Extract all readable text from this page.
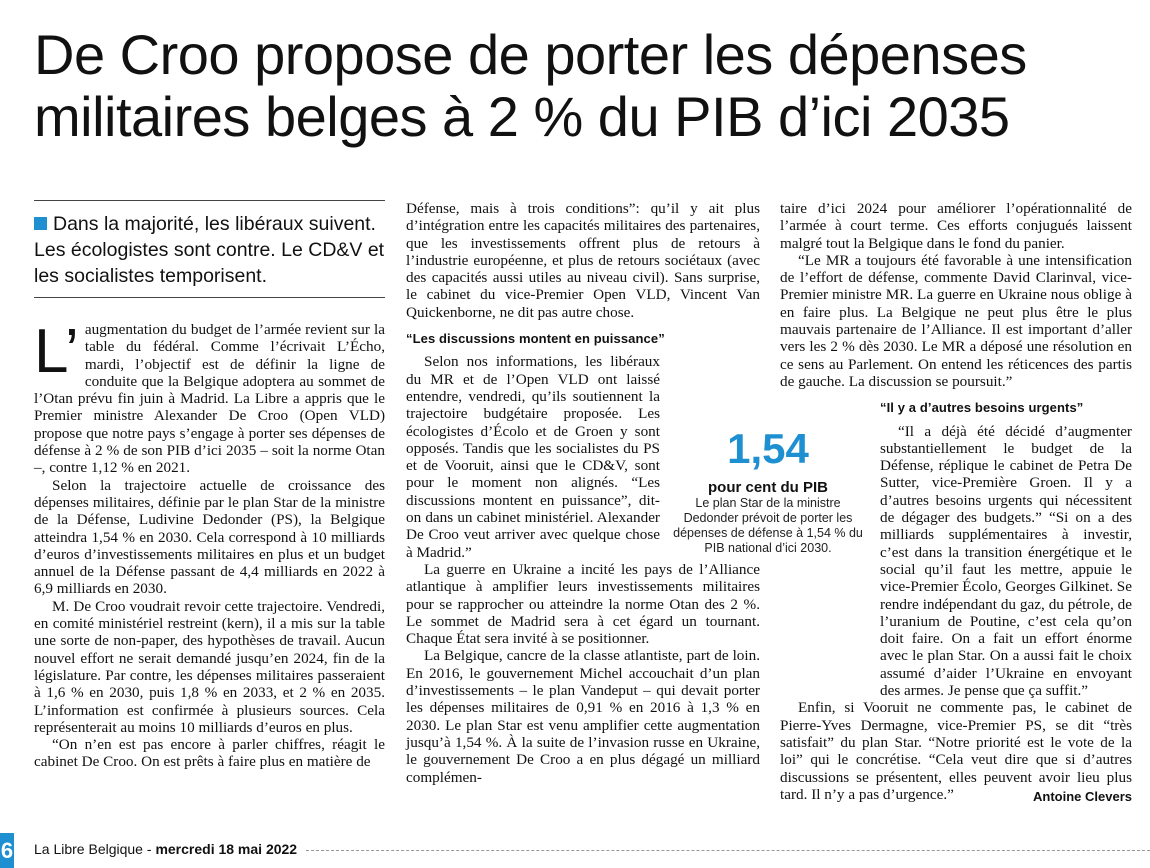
De Croo propose de porter les dépenses militaires belges à 2 % du PIB d’ici 2035

Dans la majorité, les libéraux suivent. Les écologistes sont contre. Le CD&V et les socialistes temporisent.

L’ augmentation du budget de l’armée revient sur la table du fédéral. Comme l’écrivait L’Écho, mardi, l’objectif est de définir la ligne de conduite que la Belgique adoptera au sommet de l’Otan prévu fin juin à Madrid. La Libre a appris que le Premier ministre Alexander De Croo (Open VLD) propose que notre pays s’engage à porter ses dépenses de défense à 2 % de son PIB d’ici 2035 – soit la norme Otan –, contre 1,12 % en 2021.

Selon la trajectoire actuelle de croissance des dépenses militaires, définie par le plan Star de la ministre de la Défense, Ludivine Dedonder (PS), la Belgique atteindra 1,54 % en 2030. Cela correspond à 10 milliards d’euros d’investissements militaires en plus et un budget annuel de la Défense passant de 4,4 milliards en 2022 à 6,9 milliards en 2030.

M. De Croo voudrait revoir cette trajectoire. Vendredi, en comité ministériel restreint (kern), il a mis sur la table une sorte de non-paper, des hypothèses de travail. Aucun nouvel effort ne serait demandé jusqu’en 2024, fin de la législature. Par contre, les dépenses militaires passeraient à 1,6 % en 2030, puis 1,8 % en 2033, et 2 % en 2035. L’information est confirmée à plusieurs sources. Cela représenterait au moins 10 milliards d’euros en plus.

“On n’en est pas encore à parler chiffres, réagit le cabinet De Croo. On est prêts à faire plus en matière de

Défense, mais à trois conditions”: qu’il y ait plus d’intégration entre les capacités militaires des partenaires, que les investissements offrent plus de retours à l’industrie européenne, et plus de retours sociétaux (avec des capacités aussi utiles au niveau civil). Sans surprise, le cabinet du vice-Premier Open VLD, Vincent Van Quickenborne, ne dit pas autre chose.

“Les discussions montent en puissance”

Selon nos informations, les libéraux du MR et de l’Open VLD ont laissé entendre, vendredi, qu’ils soutiennent la trajectoire budgétaire proposée. Les écologistes d’Écolo et de Groen y sont opposés. Tandis que les socialistes du PS et de Vooruit, ainsi que le CD&V, sont pour le moment non alignés. “Les discussions montent en puissance”, dit-on dans un cabinet ministériel. Alexander De Croo veut arriver avec quelque chose à Madrid.”

La guerre en Ukraine a incité les pays de l’Alliance atlantique à amplifier leurs investissements militaires pour se rapprocher ou atteindre la norme Otan des 2 %. Le sommet de Madrid sera à cet égard un tournant. Chaque État sera invité à se positionner.

La Belgique, cancre de la classe atlantiste, part de loin. En 2016, le gouvernement Michel accouchait d’un plan d’investissements – le plan Vandeput – qui devait porter les dépenses militaires de 0,91 % en 2016 à 1,3 % en 2030. Le plan Star est venu amplifier cette augmentation jusqu’à 1,54 %. À la suite de l’invasion russe en Ukraine, le gouvernement De Croo a en plus dégagé un milliard complémen-

taire d’ici 2024 pour améliorer l’opérationnalité de l’armée à court terme. Ces efforts conjugués laissent malgré tout la Belgique dans le fond du panier.

“Le MR a toujours été favorable à une intensification de l’effort de défense, commente David Clarinval, vice-Premier ministre MR. La guerre en Ukraine nous oblige à en faire plus. La Belgique ne peut plus être le plus mauvais partenaire de l’Alliance. Il est important d’aller vers les 2 % dès 2030. Le MR a déposé une résolution en ce sens au Parlement. On entend les réticences des partis de gauche. La discussion se poursuit.”

“Il y a d’autres besoins urgents”

“Il a déjà été décidé d’augmenter substantiellement le budget de la Défense, réplique le cabinet de Petra De Sutter, vice-Première Groen. Il y a d’autres besoins urgents qui nécessitent de dégager des budgets.” “Si on a des milliards supplémentaires à investir, c’est dans la transition énergétique et le social qu’il faut les mettre, appuie le vice-Premier Écolo, Georges Gilkinet. Se rendre indépendant du gaz, du pétrole, de l’uranium de Poutine, c’est cela qu’on doit faire. On a fait un effort énorme avec le plan Star. On a aussi fait le choix assumé d’aider l’Ukraine en envoyant des armes. Je pense que ça suffit.”

Enfin, si Vooruit ne commente pas, le cabinet de Pierre-Yves Dermagne, vice-Premier PS, se dit “très satisfait” du plan Star. “Notre priorité est le vote de la loi” qui le concrétise. “Cela veut dire que si d’autres discussions se présentent, elles peuvent avoir lieu plus tard. Il n’y a pas d’urgence.”

1,54
pour cent du PIB
Le plan Star de la ministre Dedonder prévoit de porter les dépenses de défense à 1,54 % du PIB national d’ici 2030.
Antoine Clevers
6 La Libre Belgique - mercredi 18 mai 2022
